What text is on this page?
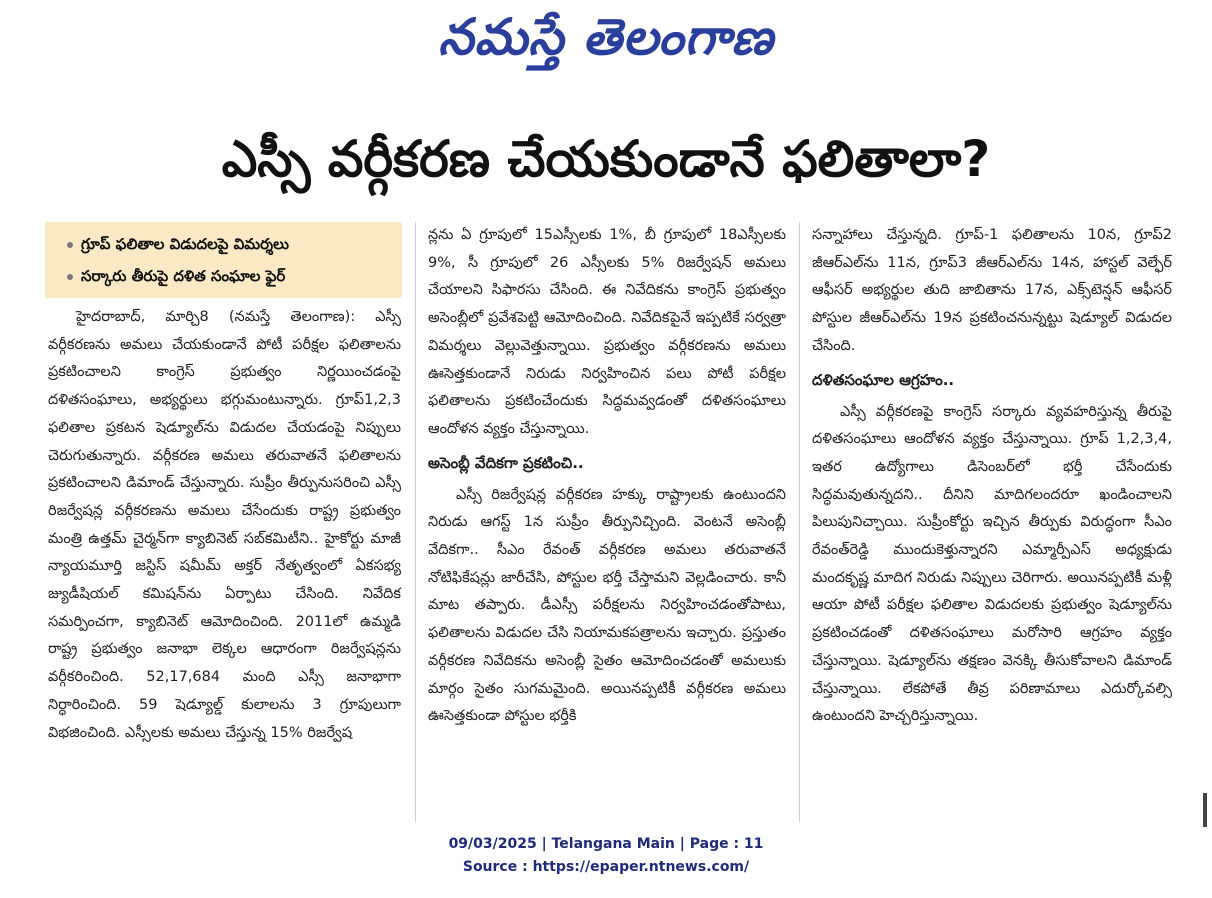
నమస్తే తెలంగాణ
ఎస్సీ వర్గీకరణ చేయకుండానే ఫలితాలా?
గ్రూప్‌ ఫలితాల విడుదలపై విమర్శలు
సర్కారు తీరుపై దళిత సంఘాల ఫైర్‌

హైదరాబాద్‌, మార్చి8 (నమస్తే తెలంగాణ): ఎస్సీ వర్గీకరణను అమలు చేయకుండానే పోటీ పరీక్షల ఫలితాలను ప్రకటించాలని కాంగ్రెస్‌ ప్రభుత్వం నిర్ణయించడంపై దళితసంఘాలు, అభ్యర్థులు భగ్గుమంటున్నారు. గ్రూప్‌1,2,3 ఫలితాల ప్రకటన షెడ్యూల్‌ను విడుదల చేయడంపై నిప్పులు చెరుగుతున్నారు. వర్గీకరణ అమలు తరువాతనే ఫలితాలను ప్రకటించాలని డిమాండ్‌ చేస్తున్నారు. సుప్రీం తీర్పునుసరించి ఎస్సీ రిజర్వేషన్ల వర్గీకరణను అమలు చేసేందుకు రాష్ట్ర ప్రభుత్వం మంత్రి ఉత్తమ్‌ చైర్మన్‌గా క్యాబినెట్‌ సబ్‌కమిటీని.. హైకోర్టు మాజీ న్యాయమూర్తి జస్టిస్‌ షమీమ్‌ అక్తర్‌ నేతృత్వంలో ఏకసభ్య జ్యుడీషియల్‌ కమిషన్‌ను ఏర్పాటు చేసింది. నివేదిక సమర్పించగా, క్యాబినెట్‌ ఆమోదించింది. 2011లో ఉమ్మడి రాష్ట్ర ప్రభుత్వం జనాభా లెక్కల ఆధారంగా రిజర్వేషన్లను వర్గీకరించింది. 52,17,684 మంది ఎస్సీ జనాభాగా నిర్ధారించింది. 59 షెడ్యూల్డ్‌ కులాలను 3 గ్రూపులుగా విభజించింది. ఎస్సీలకు అమలు చేస్తున్న 15% రిజర్వేష

న్లను ఏ గ్రూపులో 15ఎస్సీలకు 1%, బీ గ్రూపులో 18ఎస్సీలకు 9%, సీ గ్రూపులో 26 ఎస్సీలకు 5% రిజర్వేషన్‌ అమలు చేయాలని సిఫారసు చేసింది. ఈ నివేదికను కాంగ్రెస్‌ ప్రభుత్వం అసెంబ్లీలో ప్రవేశపెట్టి ఆమోదించింది. నివేదికపైనే ఇప్పటికే సర్వత్రా విమర్శలు వెల్లువెత్తున్నాయి. ప్రభుత్వం వర్గీకరణను అమలు ఊసెత్తకుండానే నిరుడు నిర్వహించిన పలు పోటీ పరీక్షల ఫలితాలను ప్రకటించేందుకు సిద్ధమవ్వడంతో దళితసంఘాలు ఆందోళన వ్యక్తం చేస్తున్నాయి.

అసెంబ్లీ వేదికగా ప్రకటించి..

ఎస్సీ రిజర్వేషన్ల వర్గీకరణ హక్కు రాష్ట్రాలకు ఉంటుందని నిరుడు ఆగస్ట్‌ 1న సుప్రీం తీర్పునిచ్చింది. వెంటనే అసెంబ్లీ వేదికగా.. సీఎం రేవంత్‌ వర్గీకరణ అమలు తరువాతనే నోటిఫికేషన్లు జారీచేసి, పోస్టుల భర్తీ చేస్తామని వెల్లడించారు. కానీ మాట తప్పారు. డీఎస్సీ పరీక్షలను నిర్వహించడంతోపాటు, ఫలితాలను విడుదల చేసి నియామకపత్రాలను ఇచ్చారు. ప్రస్తుతం వర్గీకరణ నివేదికను అసెంబ్లీ సైతం ఆమోదించడంతో అమలుకు మార్గం సైతం సుగమమైంది. అయినప్పటికీ వర్గీకరణ అమలు ఊసెత్తకుండా పోస్టుల భర్తీకి

సన్నాహాలు చేస్తున్నది. గ్రూప్‌-1 ఫలితాలను 10న, గ్రూప్‌2 జీఆర్‌ఎల్‌ను 11న, గ్రూప్‌3 జీఆర్‌ఎల్‌ను 14న, హాస్టల్‌ వెల్ఫేర్‌ ఆఫీసర్‌ అభ్యర్థుల తుది జాబితాను 17న, ఎక్స్‌టెన్షన్‌ ఆఫీసర్‌ పోస్టుల జీఆర్‌ఎల్‌ను 19న ప్రకటించనున్నట్టు షెడ్యూల్‌ విడుదల చేసింది.

దళితసంఘాల ఆగ్రహం..

ఎస్సీ వర్గీకరణపై కాంగ్రెస్‌ సర్కారు వ్యవహరిస్తున్న తీరుపై దళితసంఘాలు ఆందోళన వ్యక్తం చేస్తున్నాయి. గ్రూప్‌ 1,2,3,4, ఇతర ఉద్యోగాలు డిసెంబర్‌లో భర్తీ చేసేందుకు సిద్ధమవుతున్నదని.. దీనిని మాదిగలందరూ ఖండించాలని పిలుపునిచ్చాయి. సుప్రీంకోర్టు ఇచ్చిన తీర్పుకు విరుద్ధంగా సీఎం రేవంత్‌రెడ్డి ముందుకెళ్తున్నారని ఎమ్మార్పీఎస్‌ అధ్యక్షుడు మందకృష్ణ మాదిగ నిరుడు నిప్పులు చెరిగారు. అయినప్పటికీ మళ్లీ ఆయా పోటీ పరీక్షల ఫలితాల విడుదలకు ప్రభుత్వం షెడ్యూల్‌ను ప్రకటించడంతో దళితసంఘాలు మరోసారి ఆగ్రహం వ్యక్తం చేస్తున్నాయి. షెడ్యూల్‌ను తక్షణం వెనక్కి తీసుకోవాలని డిమాండ్‌ చేస్తున్నాయి. లేకపోతే తీవ్ర పరిణామాలు ఎదుర్కోవల్సి ఉంటుందని హెచ్చరిస్తున్నాయి.

09/03/2025 | Telangana Main | Page : 11
Source : https://epaper.ntnews.com/
